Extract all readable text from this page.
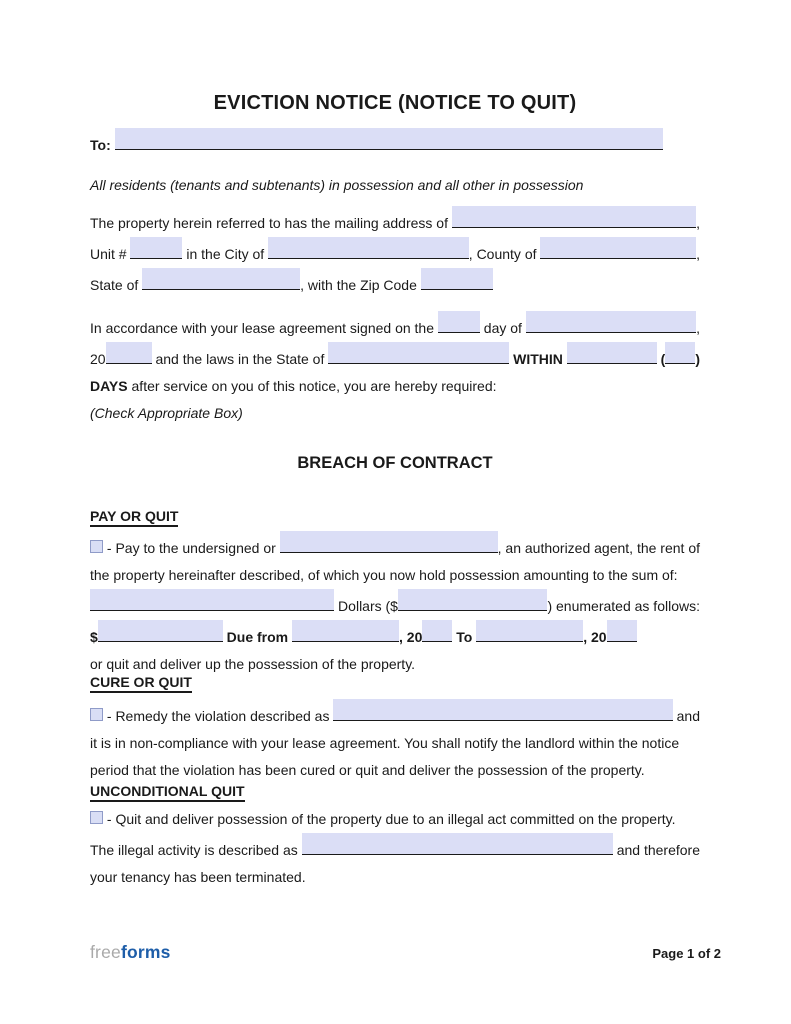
EVICTION NOTICE (NOTICE TO QUIT)
To:
All residents (tenants and subtenants) in possession and all other in possession
The property herein referred to has the mailing address of	,
Unit #	in the City of	, County of	,
State of	, with the Zip Code
In accordance with your lease agreement signed on the	day of	,
20	and the laws in the State of	WITHIN	( )
DAYS after service on you of this notice, you are hereby required:
(Check Appropriate Box)
BREACH OF CONTRACT
PAY OR QUIT
- Pay to the undersigned or	, an authorized agent, the rent of
the property hereinafter described, of which you now hold possession amounting to the sum of:
Dollars ($	) enumerated as follows:
$	Due from	, 20 To	, 20
or quit and deliver up the possession of the property.
CURE OR QUIT
- Remedy the violation described as	and
it is in non-compliance with your lease agreement. You shall notify the landlord within the notice
period that the violation has been cured or quit and deliver the possession of the property.
UNCONDITIONAL QUIT
- Quit and deliver possession of the property due to an illegal act committed on the property.
The illegal activity is described as	and therefore
your tenancy has been terminated.
freeforms	Page 1 of 2
